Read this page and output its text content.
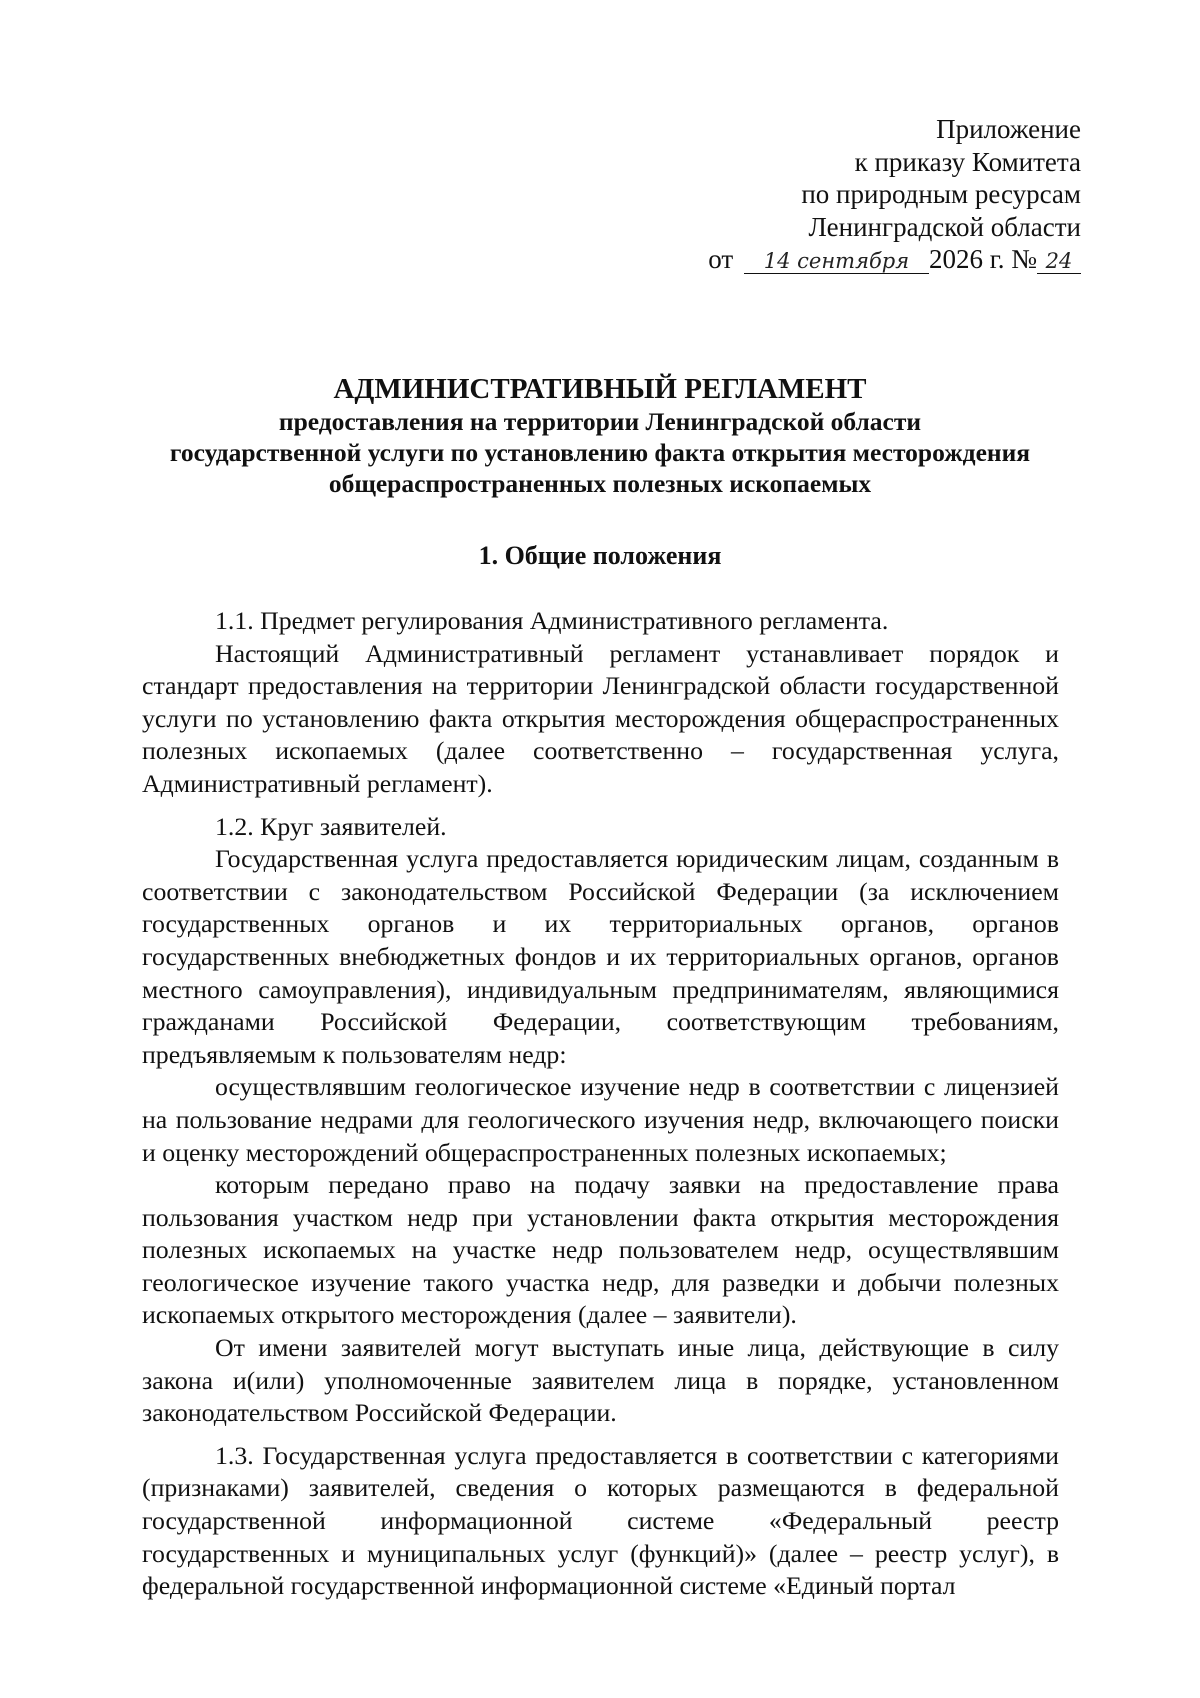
Приложение
к приказу Комитета
по природным ресурсам
Ленинградской области
от 14 сентября 2026 г. № 24
АДМИНИСТРАТИВНЫЙ РЕГЛАМЕНТ
предоставления на территории Ленинградской области
государственной услуги по установлению факта открытия месторождения
общераспространенных полезных ископаемых
1. Общие положения

1.1. Предмет регулирования Административного регламента.

Настоящий Административный регламент устанавливает порядок и стандарт предоставления на территории Ленинградской области государственной услуги по установлению факта открытия месторождения общераспространенных полезных ископаемых (далее соответственно – государственная услуга, Административный регламент).

1.2. Круг заявителей.

Государственная услуга предоставляется юридическим лицам, созданным в соответствии с законодательством Российской Федерации (за исключением государственных органов и их территориальных органов, органов государственных внебюджетных фондов и их территориальных органов, органов местного самоуправления), индивидуальным предпринимателям, являющимися гражданами Российской Федерации, соответствующим требованиям, предъявляемым к пользователям недр:

осуществлявшим геологическое изучение недр в соответствии с лицензией на пользование недрами для геологического изучения недр, включающего поиски и оценку месторождений общераспространенных полезных ископаемых;

которым передано право на подачу заявки на предоставление права пользования участком недр при установлении факта открытия месторождения полезных ископаемых на участке недр пользователем недр, осуществлявшим геологическое изучение такого участка недр, для разведки и добычи полезных ископаемых открытого месторождения (далее – заявители).

От имени заявителей могут выступать иные лица, действующие в силу закона и(или) уполномоченные заявителем лица в порядке, установленном законодательством Российской Федерации.

1.3. Государственная услуга предоставляется в соответствии с категориями (признаками) заявителей, сведения о которых размещаются в федеральной государственной информационной системе «Федеральный реестр государственных и муниципальных услуг (функций)» (далее – реестр услуг), в федеральной государственной информационной системе «Единый портал
